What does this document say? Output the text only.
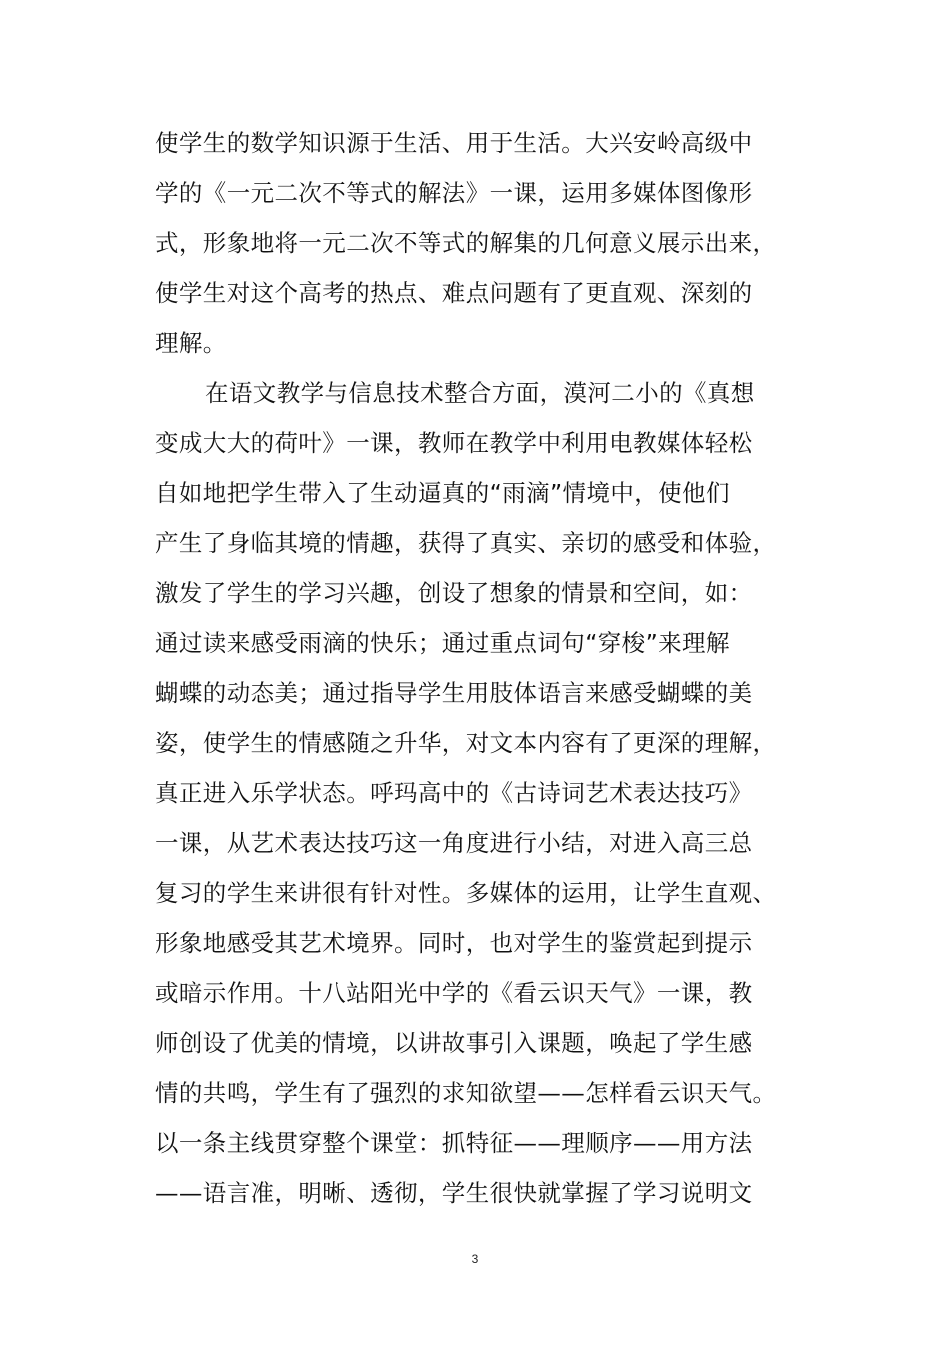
使学生的数学知识源于生活、用于生活。大兴安岭高级中
学的《一元二次不等式的解法》一课，运用多媒体图像形
式，形象地将一元二次不等式的解集的几何意义展示出来，
使学生对这个高考的热点、难点问题有了更直观、深刻的
理解。
在语文教学与信息技术整合方面，漠河二小的《真想
变成大大的荷叶》一课，教师在教学中利用电教媒体轻松
自如地把学生带入了生动逼真的“雨滴”情境中，使他们
产生了身临其境的情趣，获得了真实、亲切的感受和体验，
激发了学生的学习兴趣，创设了想象的情景和空间，如：
通过读来感受雨滴的快乐；通过重点词句“穿梭”来理解
蝴蝶的动态美；通过指导学生用肢体语言来感受蝴蝶的美
姿，使学生的情感随之升华，对文本内容有了更深的理解，
真正进入乐学状态。呼玛高中的《古诗词艺术表达技巧》
一课，从艺术表达技巧这一角度进行小结，对进入高三总
复习的学生来讲很有针对性。多媒体的运用，让学生直观、
形象地感受其艺术境界。同时，也对学生的鉴赏起到提示
或暗示作用。十八站阳光中学的《看云识天气》一课，教
师创设了优美的情境，以讲故事引入课题，唤起了学生感
情的共鸣，学生有了强烈的求知欲望——怎样看云识天气。
以一条主线贯穿整个课堂：抓特征——理顺序——用方法
——语言准，明晰、透彻，学生很快就掌握了学习说明文
3
